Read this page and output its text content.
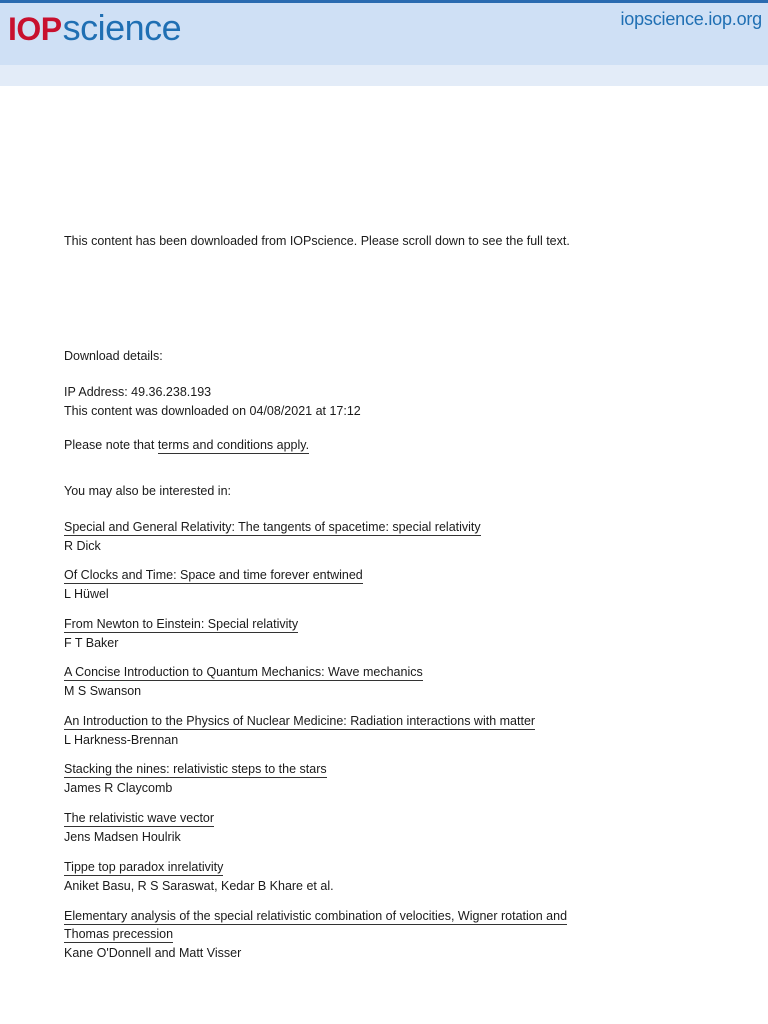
IOP science	iopscience.iop.org
This content has been downloaded from IOPscience. Please scroll down to see the full text.
Download details:
IP Address: 49.36.238.193
This content was downloaded on 04/08/2021 at 17:12
Please note that terms and conditions apply.
You may also be interested in:
Special and General Relativity: The tangents of spacetime: special relativity
R Dick
Of Clocks and Time: Space and time forever entwined
L Hüwel
From Newton to Einstein: Special relativity
F T Baker
A Concise Introduction to Quantum Mechanics: Wave mechanics
M S Swanson
An Introduction to the Physics of Nuclear Medicine: Radiation interactions with matter
L Harkness-Brennan
Stacking the nines: relativistic steps to the stars
James R Claycomb
The relativistic wave vector
Jens Madsen Houlrik
Tippe top paradox inrelativity
Aniket Basu, R S Saraswat, Kedar B Khare et al.
Elementary analysis of the special relativistic combination of velocities, Wigner rotation and Thomas precession
Kane O'Donnell and Matt Visser
